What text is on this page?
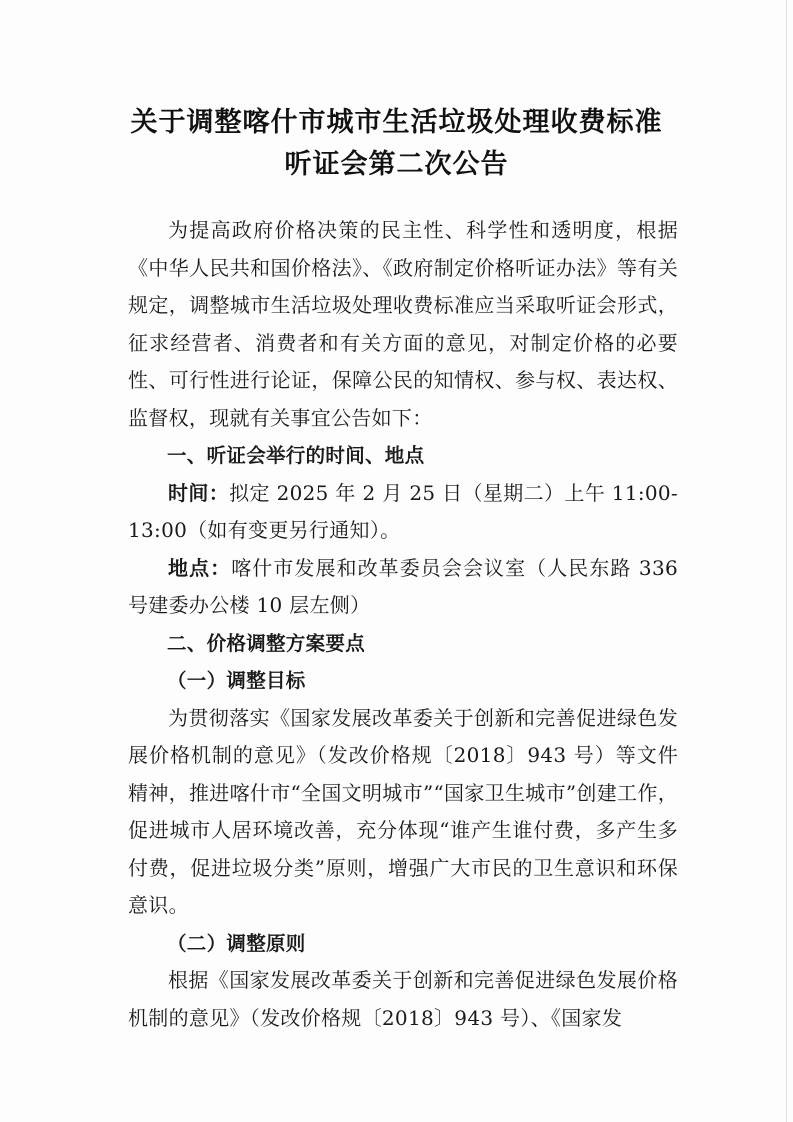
关于调整喀什市城市生活垃圾处理收费标准
听证会第二次公告

为提高政府价格决策的民主性、科学性和透明度，根据《中华人民共和国价格法》、《政府制定价格听证办法》等有关规定，调整城市生活垃圾处理收费标准应当采取听证会形式，征求经营者、消费者和有关方面的意见，对制定价格的必要性、可行性进行论证，保障公民的知情权、参与权、表达权、监督权，现就有关事宜公告如下：

一、听证会举行的时间、地点

时间：拟定 2025 年 2 月 25 日（星期二）上午 11:00-13:00（如有变更另行通知）。

地点：喀什市发展和改革委员会会议室（人民东路 336 号建委办公楼 10 层左侧）

二、价格调整方案要点

（一）调整目标

为贯彻落实《国家发展改革委关于创新和完善促进绿色发展价格机制的意见》（发改价格规〔2018〕943 号）等文件精神，推进喀什市“全国文明城市”“国家卫生城市”创建工作，促进城市人居环境改善，充分体现“谁产生谁付费，多产生多付费，促进垃圾分类”原则，增强广大市民的卫生意识和环保意识。

（二）调整原则

根据《国家发展改革委关于创新和完善促进绿色发展价格机制的意见》（发改价格规〔2018〕943 号）、《国家发
